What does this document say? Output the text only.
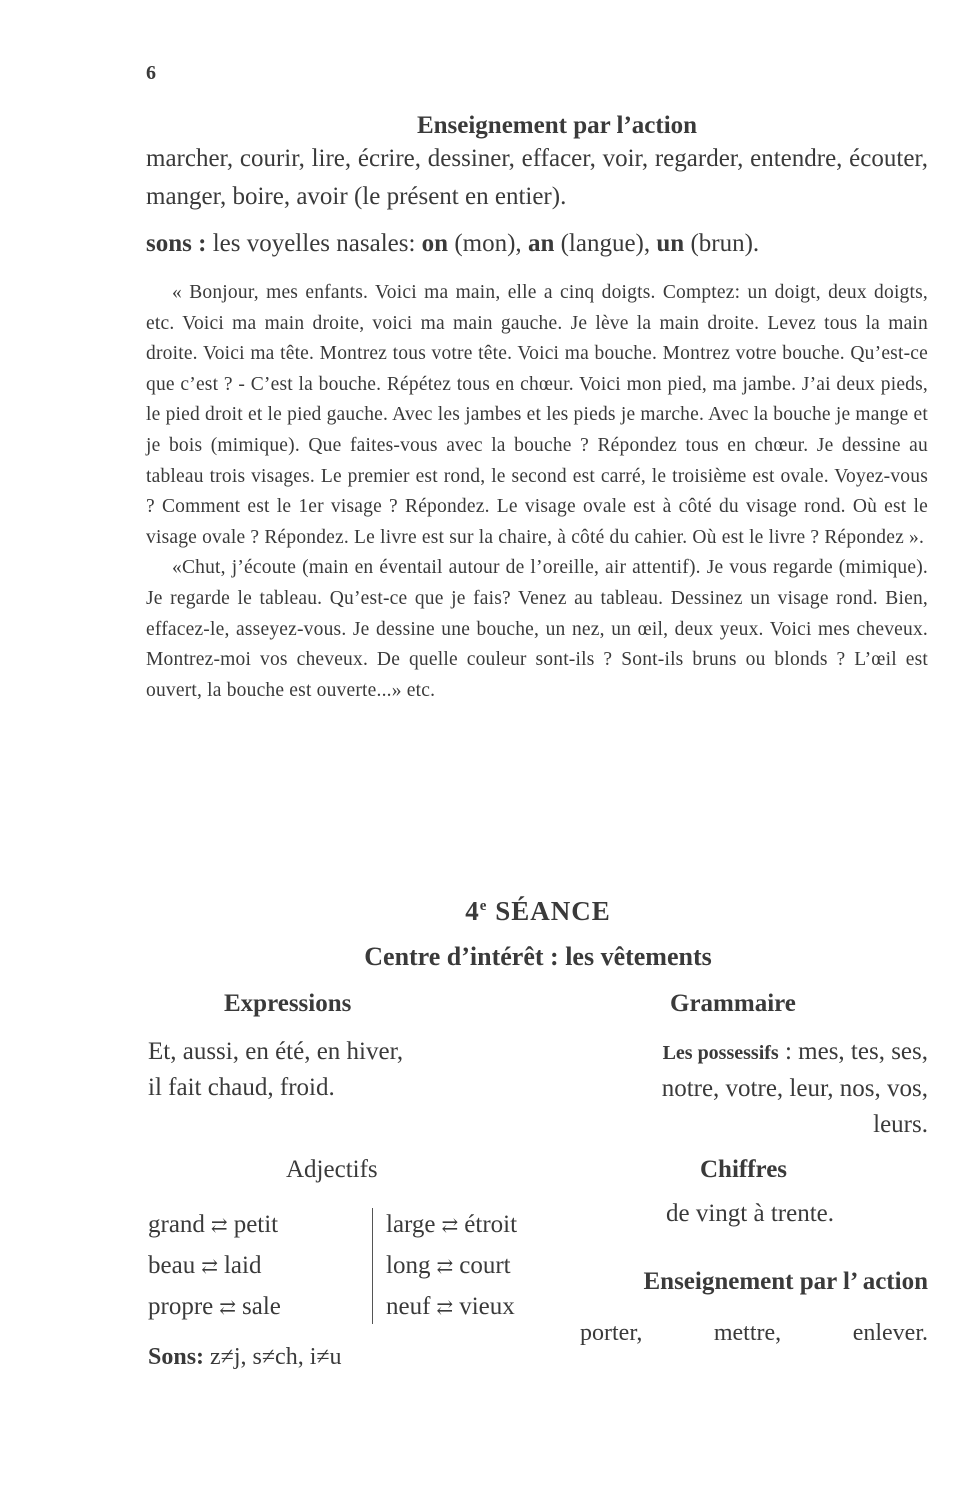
6
Enseignement par l’action
marcher, courir, lire, écrire, dessiner, effacer, voir, regarder, entendre, écouter, manger, boire, avoir (le présent en entier).
sons : les voyelles nasales: on (mon), an (langue), un (brun).

« Bonjour, mes enfants. Voici ma main, elle a cinq doigts. Comptez: un doigt, deux doigts, etc. Voici ma main droite, voici ma main gauche. Je lève la main droite. Levez tous la main droite. Voici ma tête. Montrez tous votre tête. Voici ma bouche. Montrez votre bouche. Qu’est-ce que c’est ? - C’est la bouche. Répétez tous en chœur. Voici mon pied, ma jambe. J’ai deux pieds, le pied droit et le pied gauche. Avec les jambes et les pieds je marche. Avec la bouche je mange et je bois (mimique). Que faites-vous avec la bouche ? Répondez tous en chœur. Je dessine au tableau trois visages. Le premier est rond, le second est carré, le troisième est ovale. Voyez-vous ? Comment est le 1er visage ? Répondez. Le visage ovale est à côté du visage rond. Où est le visage ovale ? Répondez. Le livre est sur la chaire, à côté du cahier. Où est le livre ? Répondez ».

«Chut, j’écoute (main en éventail autour de l’oreille, air attentif). Je vous regarde (mimique). Je regarde le tableau. Qu’est-ce que je fais? Venez au tableau. Dessinez un visage rond. Bien, effacez-le, asseyez-vous. Je dessine une bouche, un nez, un œil, deux yeux. Voici mes cheveux. Montrez-moi vos cheveux. De quelle couleur sont-ils ? Sont-ils bruns ou blonds ? L’œil est ouvert, la bouche est ouverte...» etc.

4e SÉANCE
Centre d’intérêt : les vêtements
Expressions	Grammaire
Et, aussi, en été, en hiver,
il fait chaud, froid.
Les possessifs : mes, tes, ses,
notre, votre, leur, nos, vos,
leurs.
Adjectifs	Chiffres
grand ⇄ petit	large ⇄ étroit
beau ⇄ laid	long ⇄ court
propre ⇄ sale	neuf ⇄ vieux
de vingt à trente.
Enseignement par l’ action
porter,	mettre,	enlever.
Sons: z≠j, s≠ch, i≠u
